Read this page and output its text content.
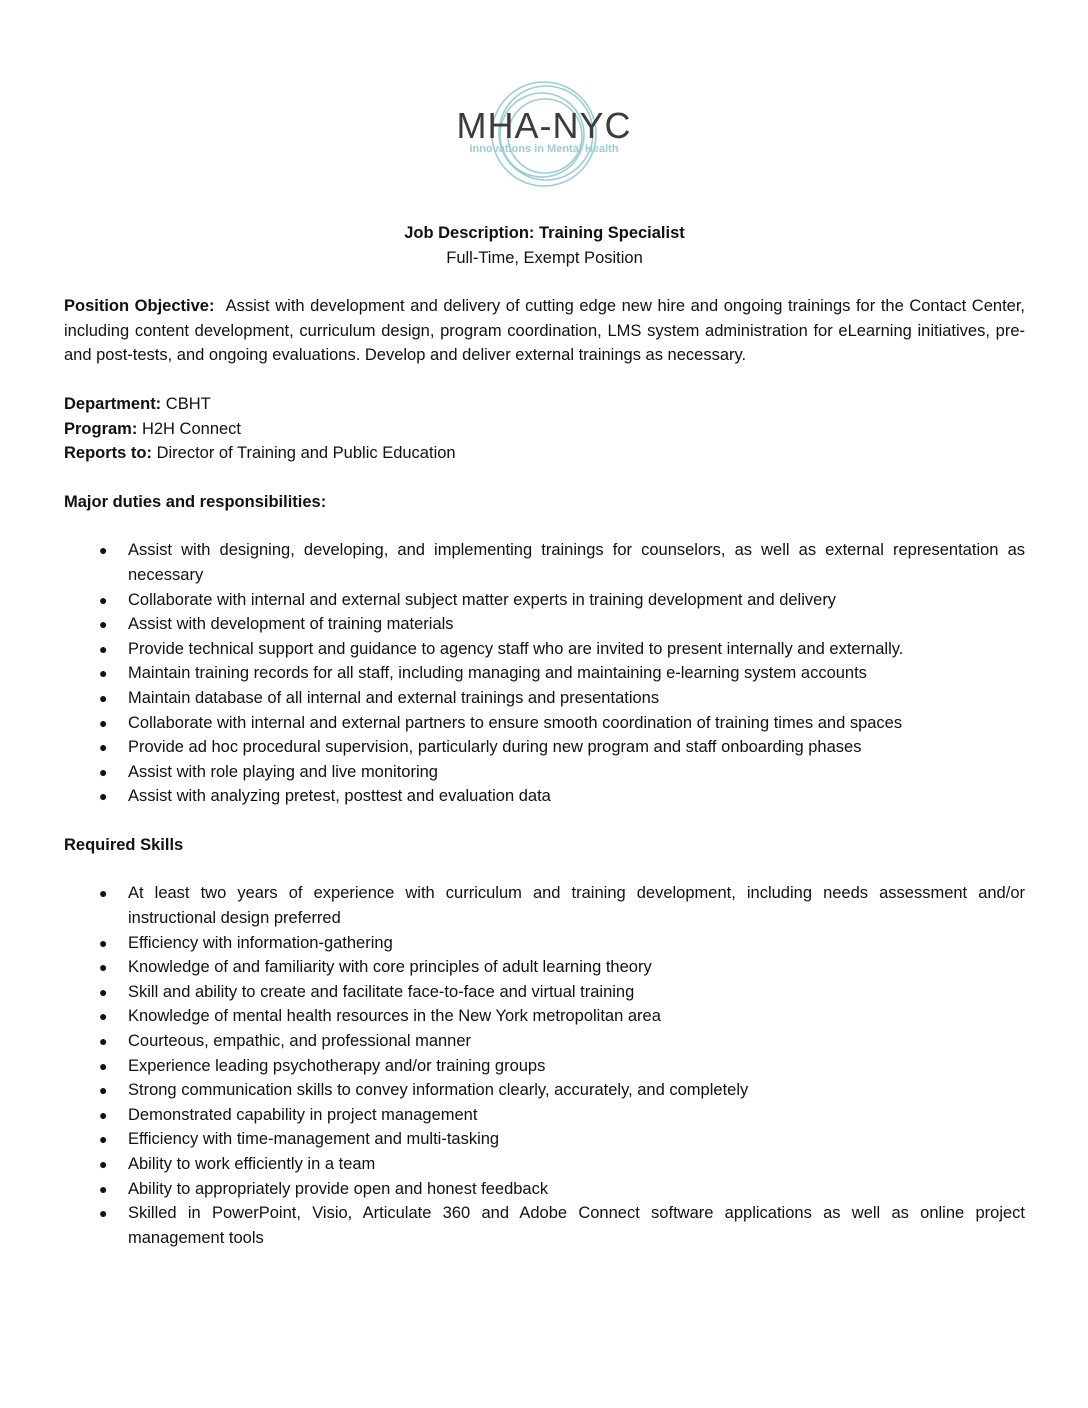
MHA-NYC
Innovations in Mental Health
Job Description: Training Specialist
Full-Time, Exempt Position
Position Objective: Assist with development and delivery of cutting edge new hire and ongoing trainings for the Contact Center, including content development, curriculum design, program coordination, LMS system administration for eLearning initiatives, pre-and post-tests, and ongoing evaluations. Develop and deliver external trainings as necessary.
Department: CBHT
Program: H2H Connect
Reports to: Director of Training and Public Education
Major duties and responsibilities:
● Assist with designing, developing, and implementing trainings for counselors, as well as external representation as necessary
● Collaborate with internal and external subject matter experts in training development and delivery
● Assist with development of training materials
● Provide technical support and guidance to agency staff who are invited to present internally and externally.
● Maintain training records for all staff, including managing and maintaining e-learning system accounts
● Maintain database of all internal and external trainings and presentations
● Collaborate with internal and external partners to ensure smooth coordination of training times and spaces
● Provide ad hoc procedural supervision, particularly during new program and staff onboarding phases
● Assist with role playing and live monitoring
● Assist with analyzing pretest, posttest and evaluation data
Required Skills
● At least two years of experience with curriculum and training development, including needs assessment and/or instructional design preferred
● Efficiency with information-gathering
● Knowledge of and familiarity with core principles of adult learning theory
● Skill and ability to create and facilitate face-to-face and virtual training
● Knowledge of mental health resources in the New York metropolitan area
● Courteous, empathic, and professional manner
● Experience leading psychotherapy and/or training groups
● Strong communication skills to convey information clearly, accurately, and completely
● Demonstrated capability in project management
● Efficiency with time-management and multi-tasking
● Ability to work efficiently in a team
● Ability to appropriately provide open and honest feedback
● Skilled in PowerPoint, Visio, Articulate 360 and Adobe Connect software applications as well as online project management tools
